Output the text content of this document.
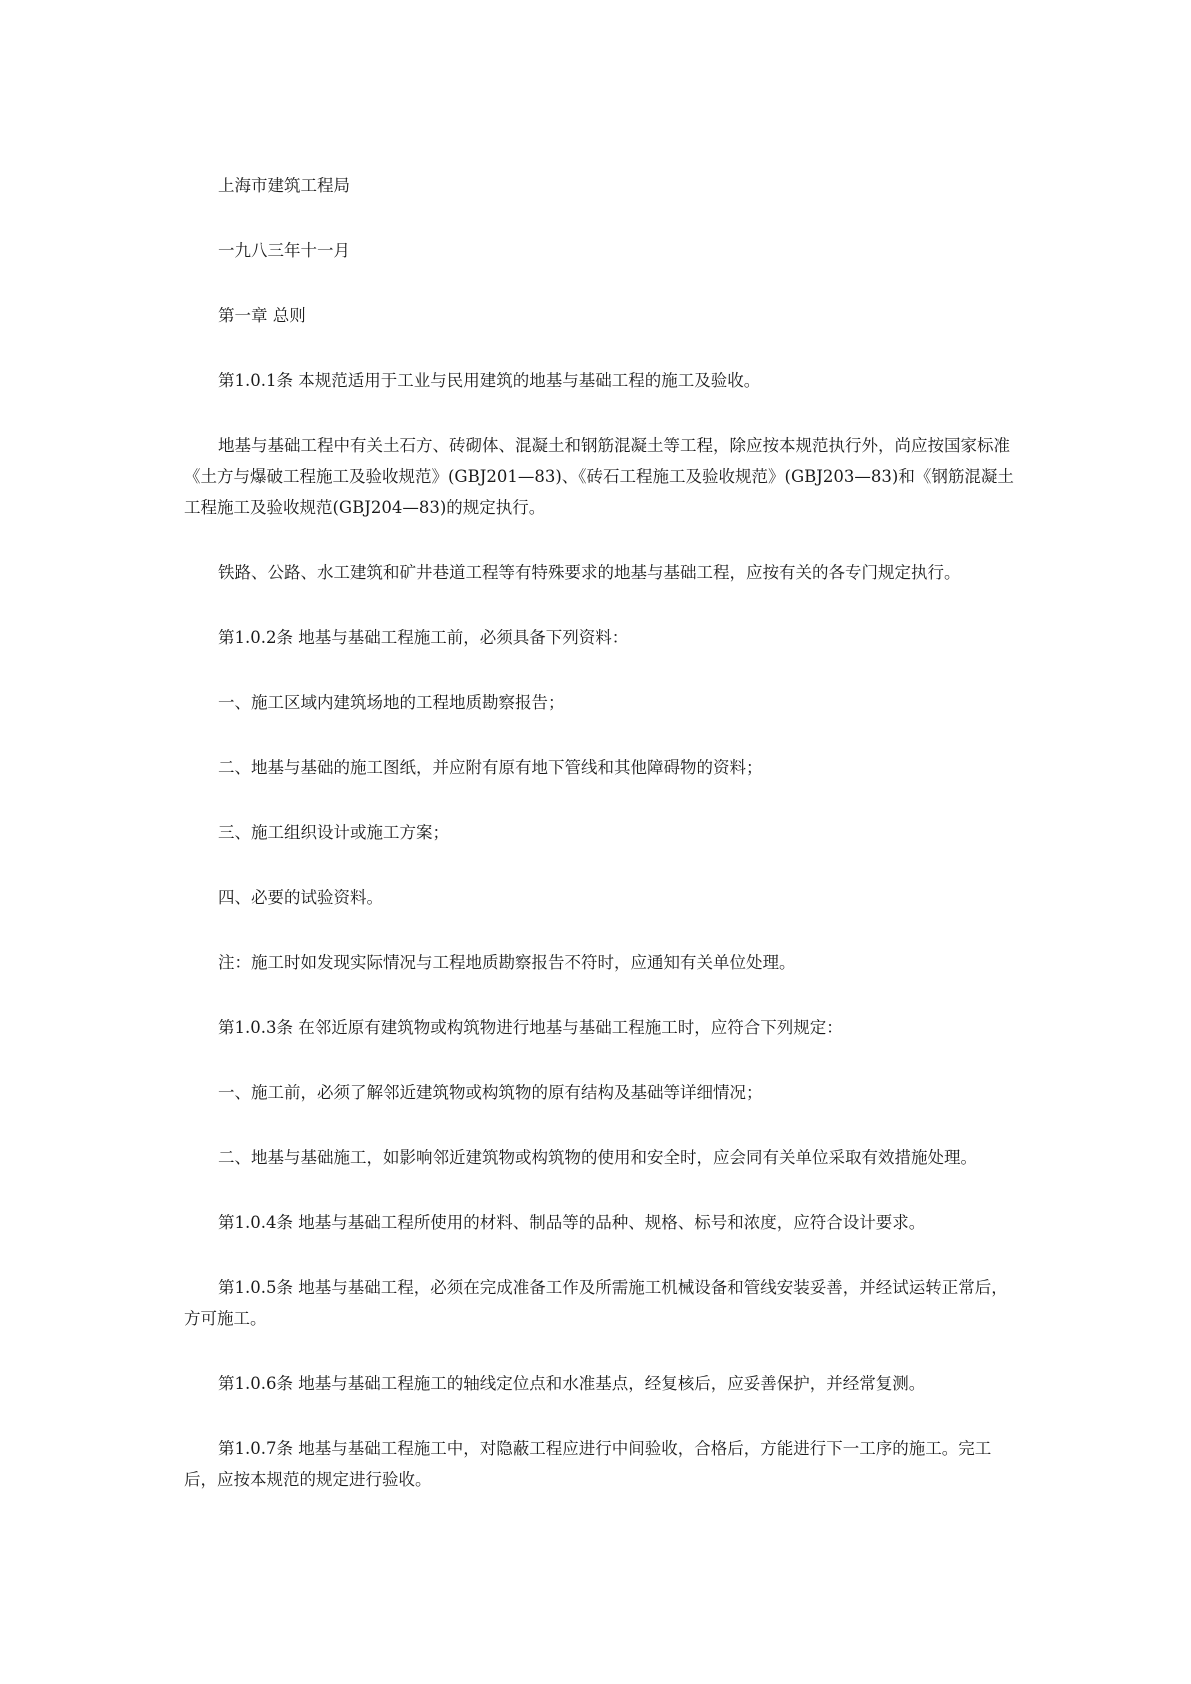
上海市建筑工程局

一九八三年十一月

第一章 总则

第1.0.1条 本规范适用于工业与民用建筑的地基与基础工程的施工及验收。

地基与基础工程中有关土石方、砖砌体、混凝土和钢筋混凝土等工程，除应按本规范执行外，尚应按国家标准《土方与爆破工程施工及验收规范》(GBJ201—83)、《砖石工程施工及验收规范》(GBJ203—83)和《钢筋混凝土工程施工及验收规范(GBJ204—83)的规定执行。

铁路、公路、水工建筑和矿井巷道工程等有特殊要求的地基与基础工程，应按有关的各专门规定执行。

第1.0.2条 地基与基础工程施工前，必须具备下列资料：

一、施工区域内建筑场地的工程地质勘察报告；

二、地基与基础的施工图纸，并应附有原有地下管线和其他障碍物的资料；

三、施工组织设计或施工方案；

四、必要的试验资料。

注：施工时如发现实际情况与工程地质勘察报告不符时，应通知有关单位处理。

第1.0.3条 在邻近原有建筑物或构筑物进行地基与基础工程施工时，应符合下列规定：

一、施工前，必须了解邻近建筑物或构筑物的原有结构及基础等详细情况；

二、地基与基础施工，如影响邻近建筑物或构筑物的使用和安全时，应会同有关单位采取有效措施处理。

第1.0.4条 地基与基础工程所使用的材料、制品等的品种、规格、标号和浓度，应符合设计要求。

第1.0.5条 地基与基础工程，必须在完成准备工作及所需施工机械设备和管线安装妥善，并经试运转正常后，方可施工。

第1.0.6条 地基与基础工程施工的轴线定位点和水准基点，经复核后，应妥善保护，并经常复测。

第1.0.7条 地基与基础工程施工中，对隐蔽工程应进行中间验收，合格后，方能进行下一工序的施工。完工后，应按本规范的规定进行验收。
